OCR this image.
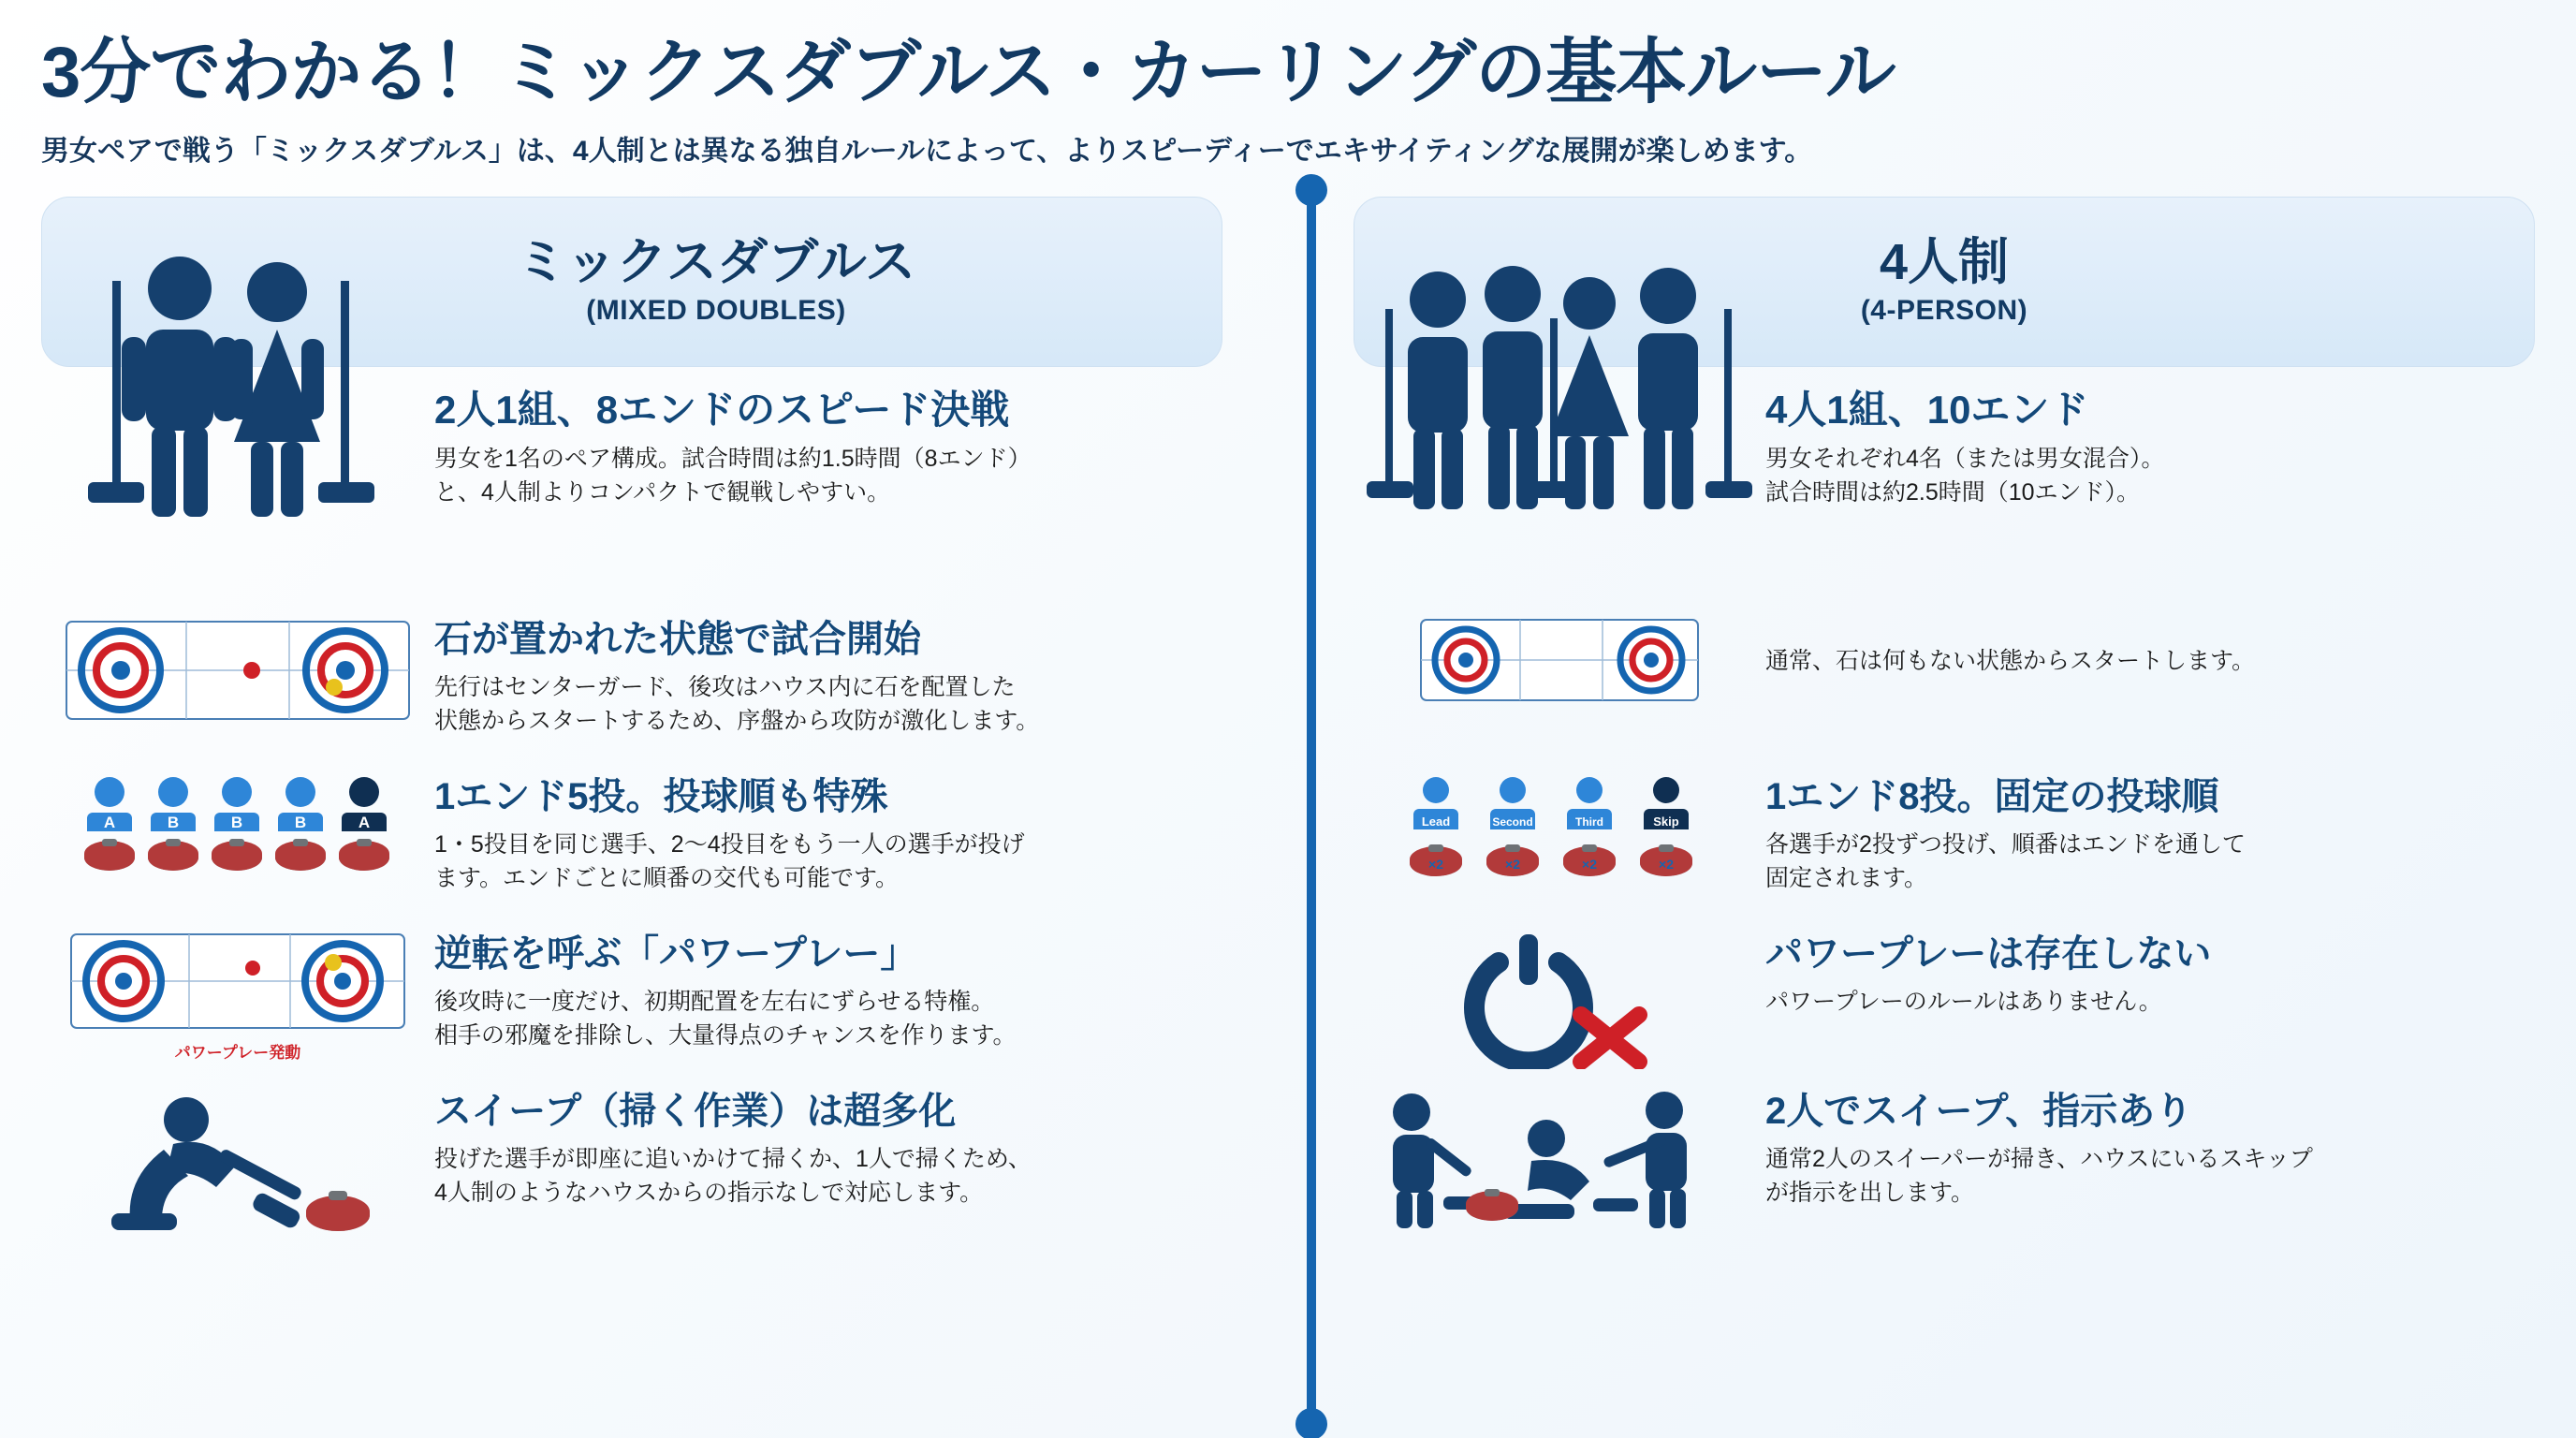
3分でわかる！ミックスダブルス・カーリングの基本ルール
男女ペアで戦う「ミックスダブルス」は、4人制とは異なる独自ルールによって、よりスピーディーでエキサイティングな展開が楽しめます。
ミックスダブルス
(MIXED DOUBLES)
2人1組、8エンドのスピード決戦
男女を1名のペア構成。試合時間は約1.5時間（8エンド）
と、4人制よりコンパクトで観戦しやすい。
石が置かれた状態で試合開始
先行はセンターガード、後攻はハウス内に石を配置した
状態からスタートするため、序盤から攻防が激化します。
A	B	B	B	A
1エンド5投。投球順も特殊
1・5投目を同じ選手、2〜4投目をもう一人の選手が投げ
ます。エンドごとに順番の交代も可能です。
パワープレー発動
逆転を呼ぶ「パワープレー」
後攻時に一度だけ、初期配置を左右にずらせる特権。
相手の邪魔を排除し、大量得点のチャンスを作ります。
スイープ（掃く作業）は超多化
投げた選手が即座に追いかけて掃くか、1人で掃くため、
4人制のようなハウスからの指示なしで対応します。
4人制
(4-PERSON)
4人1組、10エンド
男女それぞれ4名（または男女混合）。
試合時間は約2.5時間（10エンド）。
通常、石は何もない状態からスタートします。
Lead
×2
Second
×2
Third
×2
Skip
×2
1エンド8投。固定の投球順
各選手が2投ずつ投げ、順番はエンドを通して
固定されます。
パワープレーは存在しない
パワープレーのルールはありません。
2人でスイープ、指示あり
通常2人のスイーパーが掃き、ハウスにいるスキップ
が指示を出します。
